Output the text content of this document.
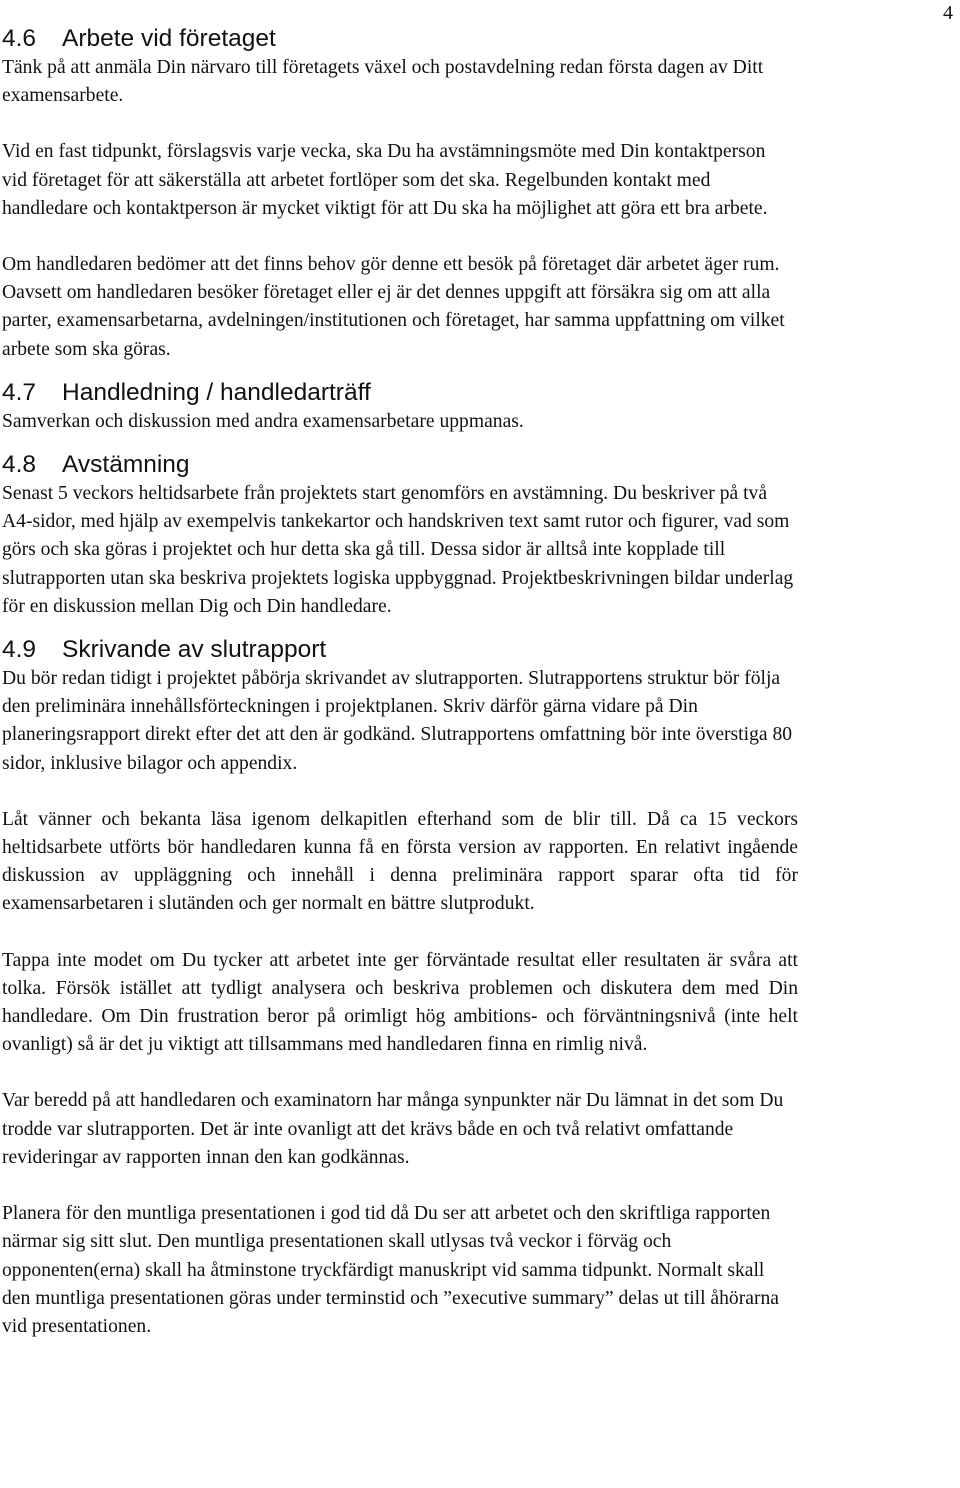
4
4.6 Arbete vid företaget

Tänk på att anmäla Din närvaro till företagets växel och postavdelning redan första dagen av Ditt examensarbete.

Vid en fast tidpunkt, förslagsvis varje vecka, ska Du ha avstämningsmöte med Din kontaktperson vid företaget för att säkerställa att arbetet fortlöper som det ska. Regelbunden kontakt med handledare och kontaktperson är mycket viktigt för att Du ska ha möjlighet att göra ett bra arbete.

Om handledaren bedömer att det finns behov gör denne ett besök på företaget där arbetet äger rum. Oavsett om handledaren besöker företaget eller ej är det dennes uppgift att försäkra sig om att alla parter, examensarbetarna, avdelningen/institutionen och företaget, har samma uppfattning om vilket arbete som ska göras.

4.7 Handledning / handledarträff

Samverkan och diskussion med andra examensarbetare uppmanas.

4.8 Avstämning

Senast 5 veckors heltidsarbete från projektets start genomförs en avstämning. Du beskriver på två A4-sidor, med hjälp av exempelvis tankekartor och handskriven text samt rutor och figurer, vad som görs och ska göras i projektet och hur detta ska gå till. Dessa sidor är alltså inte kopplade till slutrapporten utan ska beskriva projektets logiska uppbyggnad. Projektbeskrivningen bildar underlag för en diskussion mellan Dig och Din handledare.

4.9 Skrivande av slutrapport

Du bör redan tidigt i projektet påbörja skrivandet av slutrapporten. Slutrapportens struktur bör följa den preliminära innehållsförteckningen i projektplanen. Skriv därför gärna vidare på Din planeringsrapport direkt efter det att den är godkänd. Slutrapportens omfattning bör inte överstiga 80 sidor, inklusive bilagor och appendix.

Låt vänner och bekanta läsa igenom delkapitlen efterhand som de blir till. Då ca 15 veckors heltidsarbete utförts bör handledaren kunna få en första version av rapporten. En relativt ingående diskussion av uppläggning och innehåll i denna preliminära rapport sparar ofta tid för examensarbetaren i slutänden och ger normalt en bättre slutprodukt.

Tappa inte modet om Du tycker att arbetet inte ger förväntade resultat eller resultaten är svåra att tolka. Försök istället att tydligt analysera och beskriva problemen och diskutera dem med Din handledare. Om Din frustration beror på orimligt hög ambitions- och förväntningsnivå (inte helt ovanligt) så är det ju viktigt att tillsammans med handledaren finna en rimlig nivå.

Var beredd på att handledaren och examinatorn har många synpunkter när Du lämnat in det som Du trodde var slutrapporten. Det är inte ovanligt att det krävs både en och två relativt omfattande revideringar av rapporten innan den kan godkännas.

Planera för den muntliga presentationen i god tid då Du ser att arbetet och den skriftliga rapporten närmar sig sitt slut. Den muntliga presentationen skall utlysas två veckor i förväg och opponenten(erna) skall ha åtminstone tryckfärdigt manuskript vid samma tidpunkt. Normalt skall den muntliga presentationen göras under terminstid och ”executive summary” delas ut till åhörarna vid presentationen.
